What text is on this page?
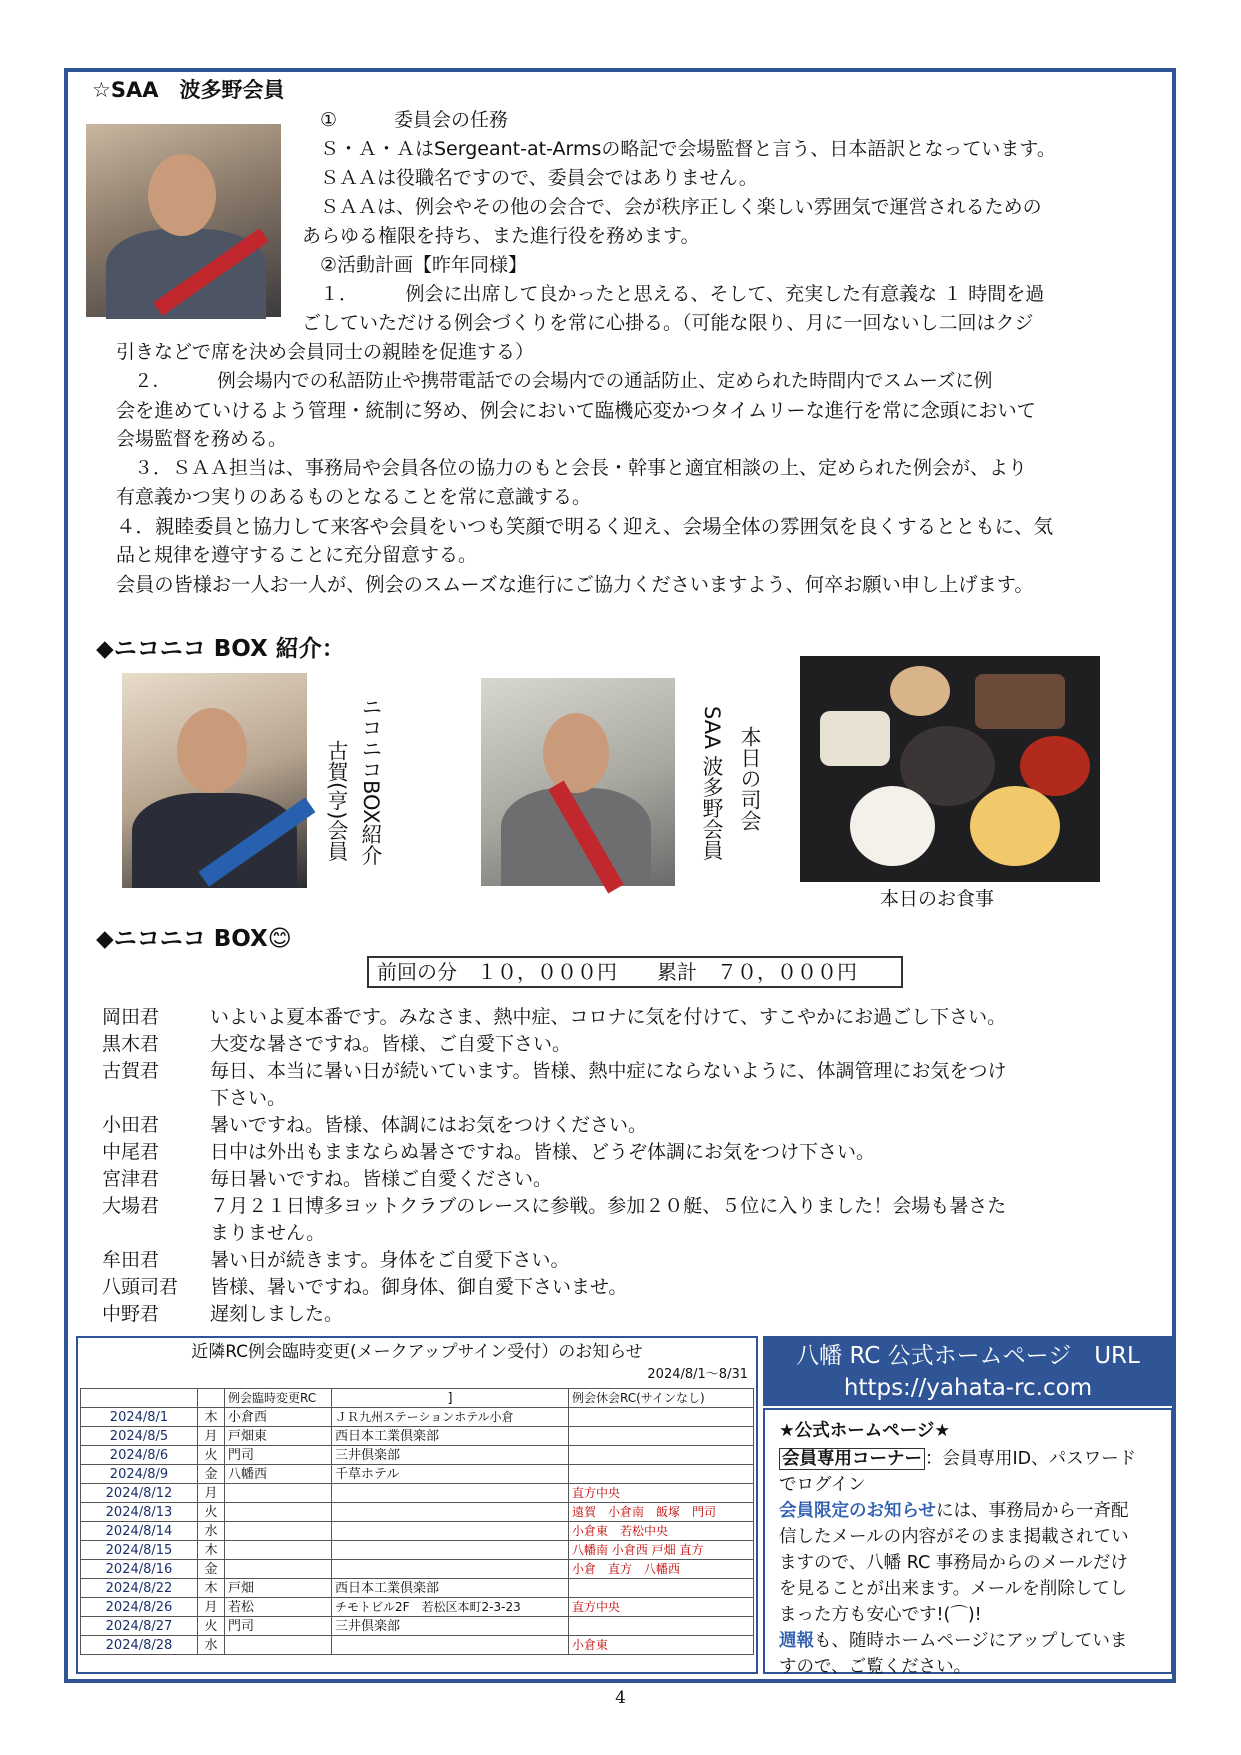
☆SAA　波多野会員
①　　　委員会の任務
Ｓ・Ａ・ＡはSergeant-at-Armsの略記で会場監督と言う、日本語訳となっています。
ＳＡＡは役職名ですので、委員会ではありません。
ＳＡＡは、例会やその他の会合で、会が秩序正しく楽しい雰囲気で運営されるための
あらゆる権限を持ち、また進行役を務めます。
②活動計画【昨年同様】
１．　　　例会に出席して良かったと思える、そして、充実した有意義な １ 時間を過
ごしていただける例会づくりを常に心掛る。（可能な限り、月に一回ないし二回はクジ
引きなどで席を決め会員同士の親睦を促進する）
２．　　　例会場内での私語防止や携帯電話での会場内での通話防止、定められた時間内でスムーズに例
会を進めていけるよう管理・統制に努め、例会において臨機応変かつタイムリーな進行を常に念頭において
会場監督を務める。
３．ＳＡＡ担当は、事務局や会員各位の協力のもと会長・幹事と適宜相談の上、定められた例会が、より
有意義かつ実りのあるものとなることを常に意識する。
４．親睦委員と協力して来客や会員をいつも笑顔で明るく迎え、会場全体の雰囲気を良くするとともに、気
品と規律を遵守することに充分留意する。
会員の皆様お一人お一人が、例会のスムーズな進行にご協力くださいますよう、何卒お願い申し上げます。
◆ニコニコ BOX 紹介：
ニコニコBOX紹介
古賀(亨)会員	本日の司会
SAA 波多野会員
本日のお食事
◆ニコニコ BOX😊
前回の分　１０，０００円　　累計　７０，０００円
岡田君	いよいよ夏本番です。みなさま、熱中症、コロナに気を付けて、すこやかにお過ごし下さい。
黒木君	大変な暑さですね。皆様、ご自愛下さい。
古賀君	毎日、本当に暑い日が続いています。皆様、熱中症にならないように、体調管理にお気をつけ
下さい。
小田君	暑いですね。皆様、体調にはお気をつけください。
中尾君	日中は外出もままならぬ暑さですね。皆様、どうぞ体調にお気をつけ下さい。
宮津君	毎日暑いですね。皆様ご自愛ください。
大場君	７月２１日博多ヨットクラブのレースに参戦。参加２０艇、５位に入りました！会場も暑さた
まりません。
牟田君	暑い日が続きます。身体をご自愛下さい。
八頭司君 皆様、暑いですね。御身体、御自愛下さいませ。
中野君	遅刻しました。
近隣RC例会臨時変更(メークアップサイン受付）のお知らせ
2024/8/1～8/31
		例会臨時変更RC	]	例会休会RC(サインなし)
2024/8/1	木	小倉西	ＪＲ九州ステーションホテル小倉	
2024/8/5	月	戸畑東	西日本工業倶楽部	
2024/8/6	火	門司	三井倶楽部	
2024/8/9	金	八幡西	千草ホテル	
2024/8/12	月			直方中央
2024/8/13	火			遠賀　小倉南　飯塚　門司
2024/8/14	水			小倉東　若松中央
2024/8/15	木			八幡南 小倉西 戸畑 直方
2024/8/16	金			小倉　直方　八幡西
2024/8/22	木	戸畑	西日本工業倶楽部	
2024/8/26	月	若松	チモトビル2F　若松区本町2-3-23	直方中央
2024/8/27	火	門司	三井倶楽部	
2024/8/28	水			小倉東
八幡 RC 公式ホームページ　URL
https://yahata-rc.com
★公式ホームページ★
会員専用コーナー ：会員専用ID、パスワード
でログイン
会員限定のお知らせには、事務局から一斉配
信したメールの内容がそのまま掲載されてい
ますので、八幡 RC 事務局からのメールだけ
を見ることが出来ます。メールを削除してし
まった方も安心です!(⌒)!
週報も、随時ホームページにアップしていま
すので、ご覧ください。
4
